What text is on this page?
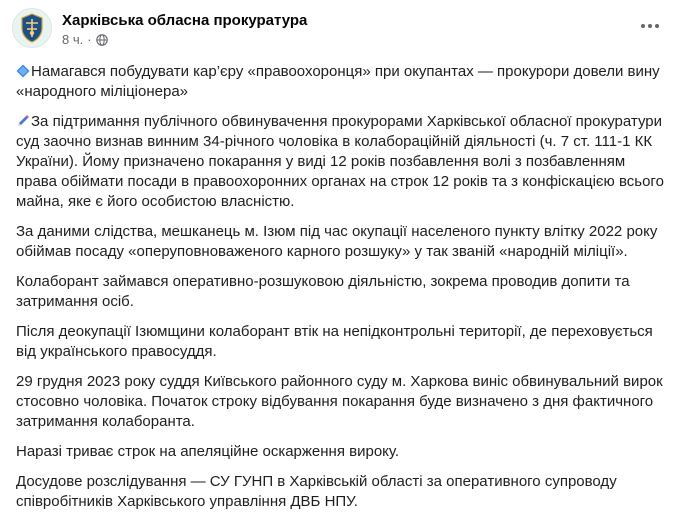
Харківська обласна прокуратура
8 ч. ·

Намагався побудувати кар’єру «правоохоронця» при окупантах — прокурори довели вину «народного міліціонера»

За підтримання публічного обвинувачення прокурорами Харківської обласної прокуратури суд заочно визнав винним 34-річного чоловіка в колабораційній діяльності (ч. 7 ст. 111-1 КК України). Йому призначено покарання у виді 12 років позбавлення волі з позбавленням права обіймати посади в правоохоронних органах на строк 12 років та з конфіскацією всього майна, яке є його особистою власністю.

За даними слідства, мешканець м. Ізюм під час окупації населеного пункту влітку 2022 року обіймав посаду «оперуповноваженого карного розшуку» у так званій «народній міліції».

Колаборант займався оперативно-розшуковою діяльністю, зокрема проводив допити та затримання осіб.

Після деокупації Ізюмщини колаборант втік на непідконтрольні території, де переховується від українського правосуддя.

29 грудня 2023 року суддя Київського районного суду м. Харкова виніс обвинувальний вирок стосовно чоловіка. Початок строку відбування покарання буде визначено з дня фактичного затримання колаборанта.

Наразі триває строк на апеляційне оскарження вироку.

Досудове розслідування — СУ ГУНП в Харківській області за оперативного супроводу співробітників Харківського управління ДВБ НПУ.
